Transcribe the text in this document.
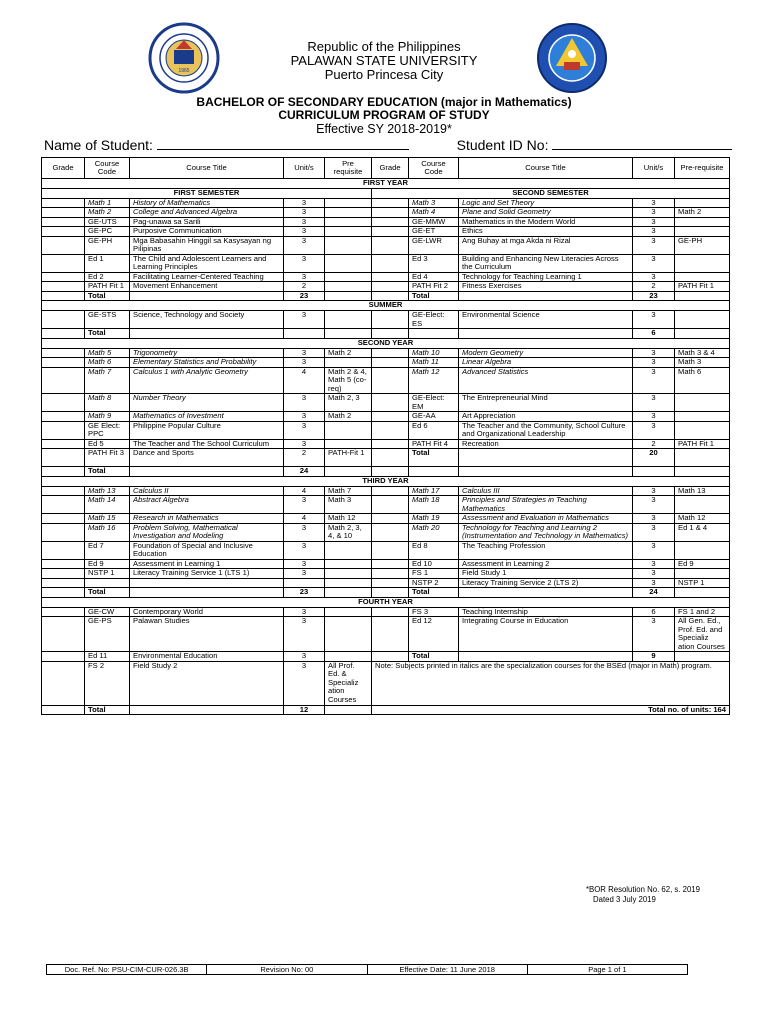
1965
Republic of the Philippines
PALAWAN STATE UNIVERSITY
Puerto Princesa City
BACHELOR OF SECONDARY EDUCATION (major in Mathematics)
CURRICULUM PROGRAM OF STUDY
Effective SY 2018-2019*
Name of Student:	Student ID No:
Grade	Course Code	Course Title	Unit/s	Pre requisite	Grade	Course Code	Course Title	Unit/s	Pre-requisite
FIRST YEAR									
FIRST SEMESTER					SECOND SEMESTER				
	Math 1	History of Mathematics	3			Math 3	Logic and Set Theory	3	
	Math 2	College and Advanced Algebra	3			Math 4	Plane and Solid Geometry	3	Math 2
	GE-UTS	Pag-unawa sa Sarili	3			GE-MMW	Mathematics in the Modern World	3	
	GE-PC	Purposive Communication	3			GE-ET	Ethics	3	
	GE-PH	Mga Babasahin Hinggil sa Kasysayan ng Pilipinas	3			GE-LWR	Ang Buhay at mga Akda ni Rizal	3	GE-PH
	Ed 1	The Child and Adolescent Learners and Learning Principles	3			Ed 3	Building and Enhancing New Literacies Across the Curriculum	3	
	Ed 2	Facilitating Learner-Centered Teaching	3			Ed 4	Technology for Teaching Learning 1	3	
	PATH Fit 1	Movement Enhancement	2			PATH Fit 2	Fitness Exercises	2	PATH Fit 1
	Total		23			Total		23	
SUMMER									
	GE-STS	Science, Technology and Society	3			GE-Elect: ES	Environmental Science	3	
	Total							6	
SECOND YEAR									
	Math 5	Trigonometry	3	Math 2		Math 10	Modern Geometry	3	Math 3 & 4
	Math 6	Elementary Statistics and Probability	3			Math 11	Linear Algebra	3	Math 3
	Math 7	Calculus 1 with Analytic Geometry	4	Math 2 & 4, Math 5 (co-req)		Math 12	Advanced Statistics	3	Math 6
	Math 8	Number Theory	3	Math 2, 3		GE-Elect: EM	The Entrepreneurial Mind	3	
	Math 9	Mathematics of Investment	3	Math 2		GE-AA	Art Appreciation	3	
	GE Elect: PPC	Philippine Popular Culture	3			Ed 6	The Teacher and the Community, School Culture and Organizational Leadership	3	
	Ed 5	The Teacher and The School Curriculum	3			PATH Fit 4	Recreation	2	PATH Fit 1
	PATH Fit 3	Dance and Sports	2	PATH-Fit 1		Total		20	
	Total		24						
THIRD YEAR									
	Math 13	Calculus II	4	Math 7		Math 17	Calculus III	3	Math 13
	Math 14	Abstract Algebra	3	Math 3		Math 18	Principles and Strategies in Teaching Mathematics	3	
	Math 15	Research in Mathematics	4	Math 12		Math 19	Assessment and Evaluation in Mathematics	3	Math 12
	Math 16	Problem Solving, Mathematical Investigation and Modeling	3	Math 2, 3, 4, & 10		Math 20	Technology for Teaching and Learning 2 (Instrumentation and Technology in Mathematics)	3	Ed 1 & 4
	Ed 7	Foundation of Special and Inclusive Education	3			Ed 8	The Teaching Profession	3	
	Ed 9	Assessment in Learning 1	3			Ed 10	Assessment in Learning 2	3	Ed 9
	NSTP 1	Literacy Training Service 1 (LTS 1)	3			FS 1	Field Study 1	3	
						NSTP 2	Literacy Training Service 2 (LTS 2)	3	NSTP 1
	Total		23			Total		24	
FOURTH YEAR									
	GE-CW	Contemporary World	3			FS 3	Teaching Internship	6	FS 1 and 2
	GE-PS	Palawan Studies	3			Ed 12	Integrating Course in Education	3	All Gen. Ed., Prof. Ed. and Specializ ation Courses
	Ed 11	Environmental Education	3			Total		9	
	FS 2	Field Study 2	3	All Prof. Ed. & Specializ ation Courses	Note: Subjects printed in italics are the specialization courses for the BSEd (major in Math) program.				
	Total		12		Total no. of units: 164				
*BOR Resolution No. 62, s. 2019
Dated 3 July 2019
Doc. Ref. No: PSU-CIM-CUR-026.3B	Revision No: 00	Effective Date: 11 June 2018	Page 1 of 1
